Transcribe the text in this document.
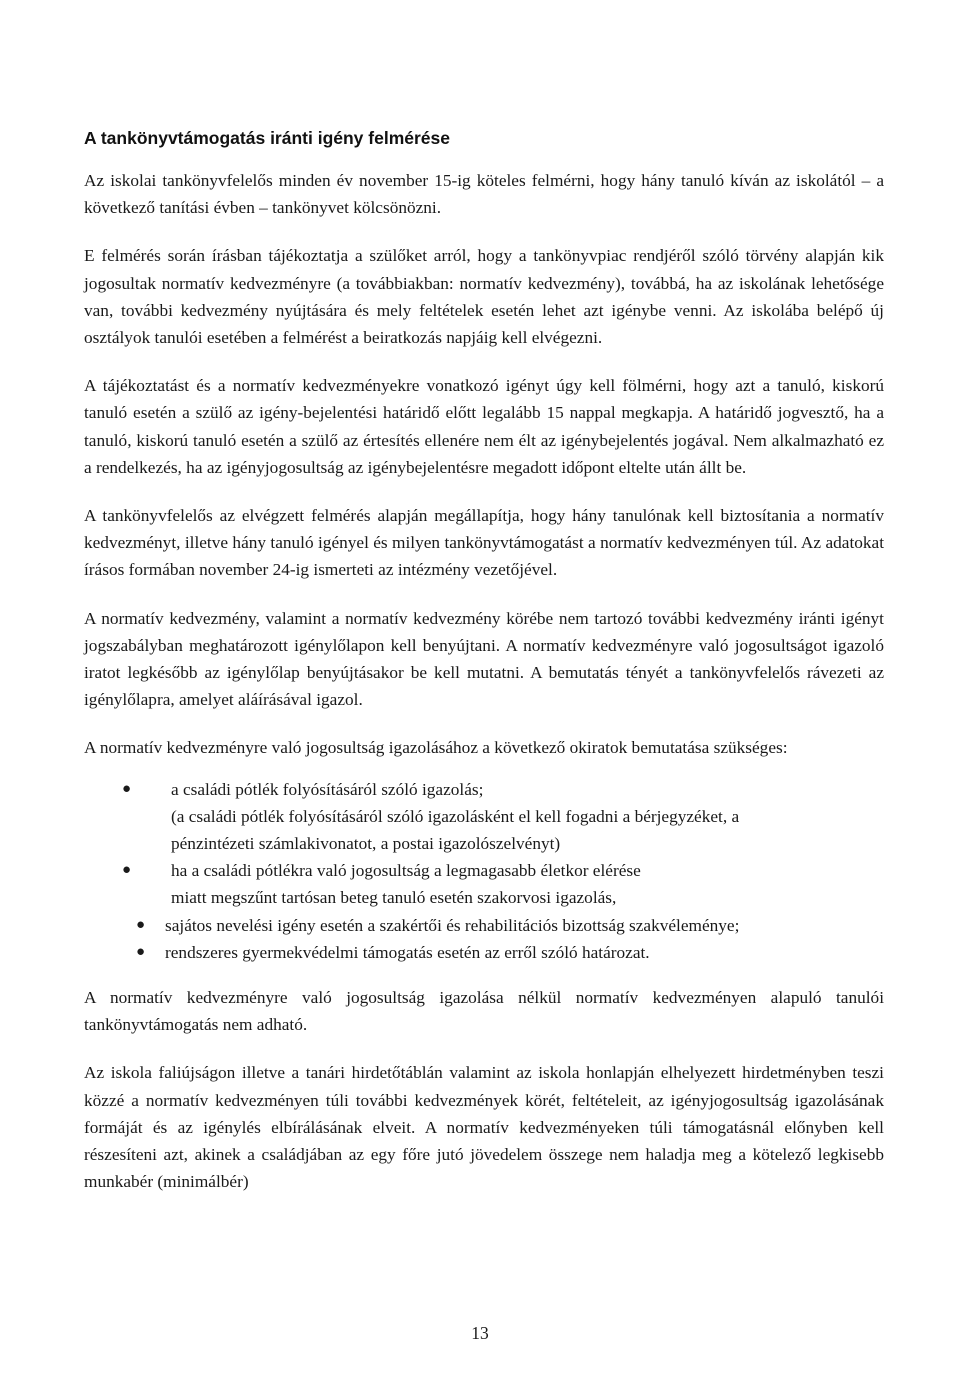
A tankönyvtámogatás iránti igény felmérése

Az iskolai tankönyvfelelős minden év november 15-ig köteles felmérni, hogy hány tanuló kíván az iskolától – a következő tanítási évben – tankönyvet kölcsönözni.

E felmérés során írásban tájékoztatja a szülőket arról, hogy a tankönyvpiac rendjéről szóló törvény alapján kik jogosultak normatív kedvezményre (a továbbiakban: normatív kedvezmény), továbbá, ha az iskolának lehetősége van, további kedvezmény nyújtására és mely feltételek esetén lehet azt igénybe venni. Az iskolába belépő új osztályok tanulói esetében a felmérést a beiratkozás napjáig kell elvégezni.

A tájékoztatást és a normatív kedvezményekre vonatkozó igényt úgy kell fölmérni, hogy azt a tanuló, kiskorú tanuló esetén a szülő az igény-bejelentési határidő előtt legalább 15 nappal megkapja. A határidő jogvesztő, ha a tanuló, kiskorú tanuló esetén a szülő az értesítés ellenére nem élt az igénybejelentés jogával. Nem alkalmazható ez a rendelkezés, ha az igényjogosultság az igénybejelentésre megadott időpont eltelte után állt be.

A tankönyvfelelős az elvégzett felmérés alapján megállapítja, hogy hány tanulónak kell biztosítania a normatív kedvezményt, illetve hány tanuló igényel és milyen tankönyvtámogatást a normatív kedvezményen túl. Az adatokat írásos formában november 24-ig ismerteti az intézmény vezetőjével.

A normatív kedvezmény, valamint a normatív kedvezmény körébe nem tartozó további kedvezmény iránti igényt jogszabályban meghatározott igénylőlapon kell benyújtani. A normatív kedvezményre való jogosultságot igazoló iratot legkésőbb az igénylőlap benyújtásakor be kell mutatni. A bemutatás tényét a tankönyvfelelős rávezeti az igénylőlapra, amelyet aláírásával igazol.

A normatív kedvezményre való jogosultság igazolásához a következő okiratok bemutatása szükséges:

● a családi pótlék folyósításáról szóló igazolás;
(a családi pótlék folyósításáról szóló igazolásként el kell fogadni a bérjegyzéket, a
pénzintézeti számlakivonatot, a postai igazolószelvényt)
● ha a családi pótlékra való jogosultság a legmagasabb életkor elérése
miatt megszűnt tartósan beteg tanuló esetén szakorvosi igazolás,
● sajátos nevelési igény esetén a szakértői és rehabilitációs bizottság szakvéleménye;
● rendszeres gyermekvédelmi támogatás esetén az erről szóló határozat.

A normatív kedvezményre való jogosultság igazolása nélkül normatív kedvezményen alapuló tanulói tankönyvtámogatás nem adható.

Az iskola faliújságon illetve a tanári hirdetőtáblán valamint az iskola honlapján elhelyezett hirdetményben teszi közzé a normatív kedvezményen túli további kedvezmények körét, feltételeit, az igényjogosultság igazolásának formáját és az igénylés elbírálásának elveit. A normatív kedvezményeken túli támogatásnál előnyben kell részesíteni azt, akinek a családjában az egy főre jutó jövedelem összege nem haladja meg a kötelező legkisebb munkabér (minimálbér)

13
